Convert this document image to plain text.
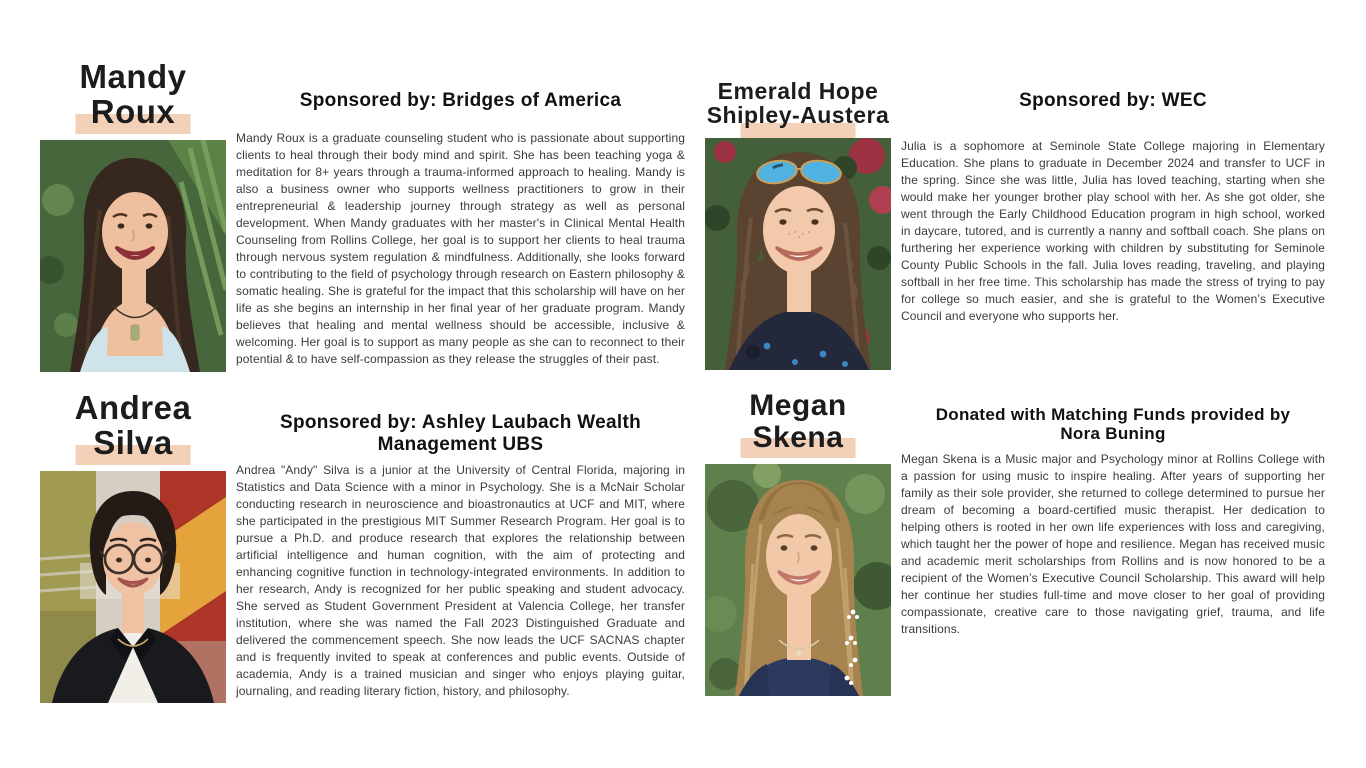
Mandy
Roux	Sponsored by: Bridges of America
Mandy Roux is a graduate counseling student who is passionate about supporting clients to heal through their body mind and spirit. She has been teaching yoga & meditation for 8+ years through a trauma-informed approach to healing. Mandy is also a business owner who supports wellness practitioners to grow in their entrepreneurial & leadership journey through strategy as well as personal development. When Mandy graduates with her master's in Clinical Mental Health Counseling from Rollins College, her goal is to support her clients to heal trauma through nervous system regulation & mindfulness. Additionally, she looks forward to contributing to the field of psychology through research on Eastern philosophy & somatic healing. She is grateful for the impact that this scholarship will have on her life as she begins an internship in her final year of her graduate program. Mandy believes that healing and mental wellness should be accessible, inclusive & welcoming. Her goal is to support as many people as she can to reconnect to their potential & to have self-compassion as they release the struggles of their past.
Emerald Hope
Shipley-Austera
Sponsored by: WEC
Julia is a sophomore at Seminole State College majoring in Elementary Education. She plans to graduate in December 2024 and transfer to UCF in the spring. Since she was little, Julia has loved teaching, starting when she would make her younger brother play school with her. As she got older, she went through the Early Childhood Education program in high school, worked in daycare, tutored, and is currently a nanny and softball coach. She plans on furthering her experience working with children by substituting for Seminole County Public Schools in the fall. Julia loves reading, traveling, and playing softball in her free time. This scholarship has made the stress of trying to pay for college so much easier, and she is grateful to the Women’s Executive Council and everyone who supports her.
Andrea
Silva
Sponsored by: Ashley Laubach Wealth Management UBS
Andrea "Andy" Silva is a junior at the University of Central Florida, majoring in Statistics and Data Science with a minor in Psychology. She is a McNair Scholar conducting research in neuroscience and bioastronautics at UCF and MIT, where she participated in the prestigious MIT Summer Research Program. Her goal is to pursue a Ph.D. and produce research that explores the relationship between artificial intelligence and human cognition, with the aim of protecting and enhancing cognitive function in technology-integrated environments. In addition to her research, Andy is recognized for her public speaking and student advocacy. She served as Student Government President at Valencia College, her transfer institution, where she was named the Fall 2023 Distinguished Graduate and delivered the commencement speech. She now leads the UCF SACNAS chapter and is frequently invited to speak at conferences and public events. Outside of academia, Andy is a trained musician and singer who enjoys playing guitar, journaling, and reading literary fiction, history, and philosophy.
Megan
Skena
Donated with Matching Funds provided by Nora Buning
Megan Skena is a Music major and Psychology minor at Rollins College with a passion for using music to inspire healing. After years of supporting her family as their sole provider, she returned to college determined to pursue her dream of becoming a board-certified music therapist. Her dedication to helping others is rooted in her own life experiences with loss and caregiving, which taught her the power of hope and resilience. Megan has received music and academic merit scholarships from Rollins and is now honored to be a recipient of the Women’s Executive Council Scholarship. This award will help her continue her studies full-time and move closer to her goal of providing compassionate, creative care to those navigating grief, trauma, and life transitions.
